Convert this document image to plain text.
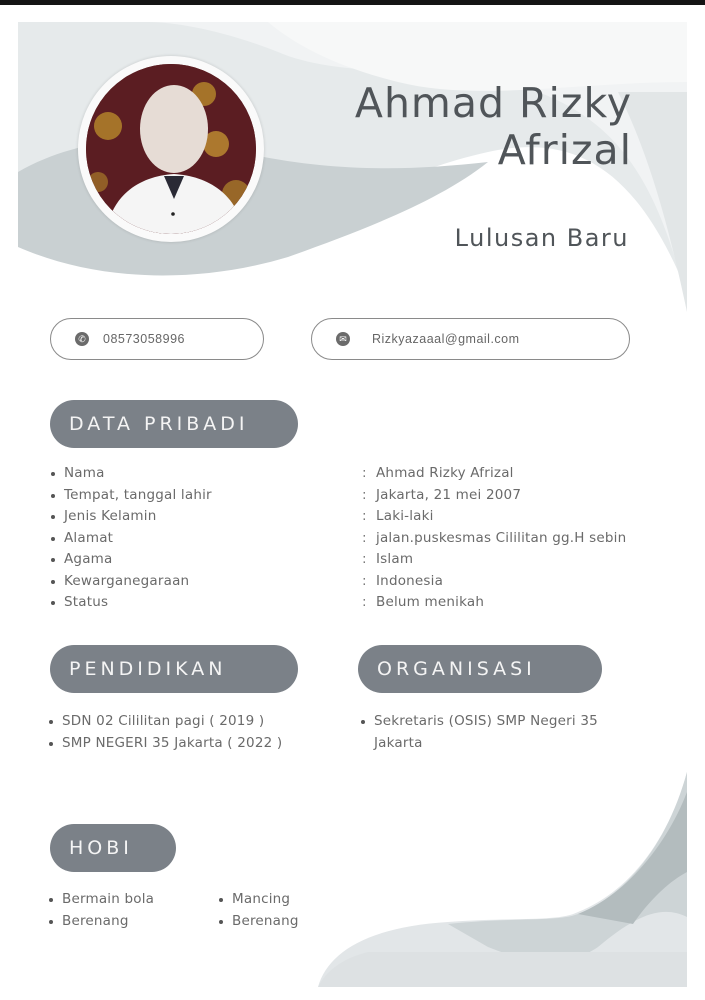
Ahmad Rizky
Afrizal
Lulusan Baru
✆ 08573058996	✉ Rizkyazaaal@gmail.com
DATA PRIBADI
Nama
Tempat, tanggal lahir
Jenis Kelamin
Alamat
Agama
Kewarganegaraan
Status
: Ahmad Rizky Afrizal
: Jakarta, 21 mei 2007
: Laki-laki
: jalan.puskesmas Cililitan gg.H sebin
: Islam
: Indonesia
: Belum menikah
PENDIDIKAN	ORGANISASI
SDN 02 Cililitan pagi ( 2019 )
SMP NEGERI 35 Jakarta ( 2022 )
Sekretaris (OSIS) SMP Negeri 35 Jakarta
HOBI
Bermain bola
Berenang
Mancing
Berenang
